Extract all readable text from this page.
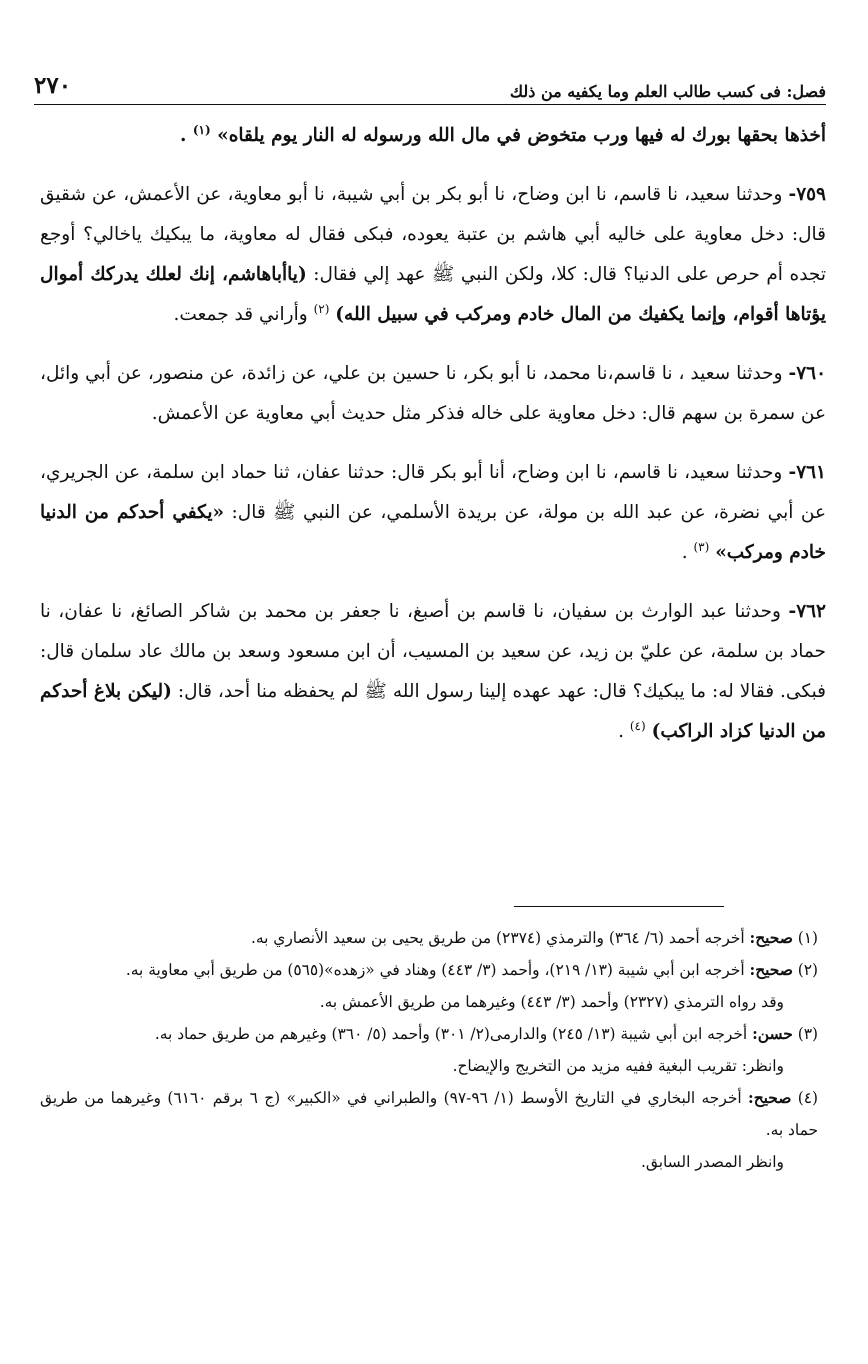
فصل: فى كسب طالب العلم وما يكفيه من ذلك
٢٧٠

أخذها بحقها بورك له فيها ورب متخوض في مال الله ورسوله له النار يوم يلقاه» $^{(١)}$ .

٧٥٩- وحدثنا سعيد، نا قاسم، نا ابن وضاح، نا أبو بكر بن أبي شيبة، نا أبو معاوية، عن الأعمش، عن شقيق قال: دخل معاوية على خاليه أبي هاشم بن عتبة يعوده، فبكى فقال له معاوية، ما يبكيك ياخالي؟ أوجع تجده أم حرص على الدنيا؟ قال: كلا، ولكن النبي ﷺ عهد إلي فقال: (ياأباهاشم، إنك لعلك يدركك أموال يؤتاها أقوام، وإنما يكفيك من المال خادم ومركب في سبيل الله) $^{(٢)}$ وأراني قد جمعت.

٧٦٠- وحدثنا سعيد ، نا قاسم،نا محمد، نا أبو بكر، نا حسين بن علي، عن زائدة، عن منصور، عن أبي وائل، عن سمرة بن سهم قال: دخل معاوية على خاله فذكر مثل حديث أبي معاوية عن الأعمش.

٧٦١- وحدثنا سعيد، نا قاسم، نا ابن وضاح، أنا أبو بكر قال: حدثنا عفان، ثنا حماد ابن سلمة، عن الجريري، عن أبي نضرة، عن عبد الله بن مولة، عن بريدة الأسلمي، عن النبي ﷺ قال: «يكفي أحدكم من الدنيا خادم ومركب» $^{(٣)}$ .

٧٦٢- وحدثنا عبد الوارث بن سفيان، نا قاسم بن أصبغ، نا جعفر بن محمد بن شاكر الصائغ، نا عفان، نا حماد بن سلمة، عن عليّ بن زيد، عن سعيد بن المسيب، أن ابن مسعود وسعد بن مالك عاد سلمان قال: فبكى. فقالا له: ما يبكيك؟ قال: عهد عهده إلينا رسول الله ﷺ لم يحفظه منا أحد، قال: (ليكن بلاغ أحدكم من الدنيا كزاد الراكب) $^{(٤)}$ .

(١) صحيح: أخرجه أحمد (٦/ ٣٦٤) والترمذي (٢٣٧٤) من طريق يحيى بن سعيد الأنصاري به.

(٢) صحيح: أخرجه ابن أبي شيبة (١٣/ ٢١٩)، وأحمد (٣/ ٤٤٣) وهناد في «زهده»(٥٦٥) من طريق أبي معاوية به.

وقد رواه الترمذي (٢٣٢٧) وأحمد (٣/ ٤٤٣) وغيرهما من طريق الأعمش به.

(٣) حسن: أخرجه ابن أبي شيبة (١٣/ ٢٤٥) والدارمى(٢/ ٣٠١) وأحمد (٥/ ٣٦٠) وغيرهم من طريق حماد به.

وانظر: تقريب البغية ففيه مزيد من التخريج والإيضاح.

(٤) صحيح: أخرجه البخاري في التاريخ الأوسط (١/ ٩٦-٩٧) والطبراني في «الكبير» (ج ٦ برقم ٦١٦٠) وغيرهما من طريق حماد به.

وانظر المصدر السابق.
